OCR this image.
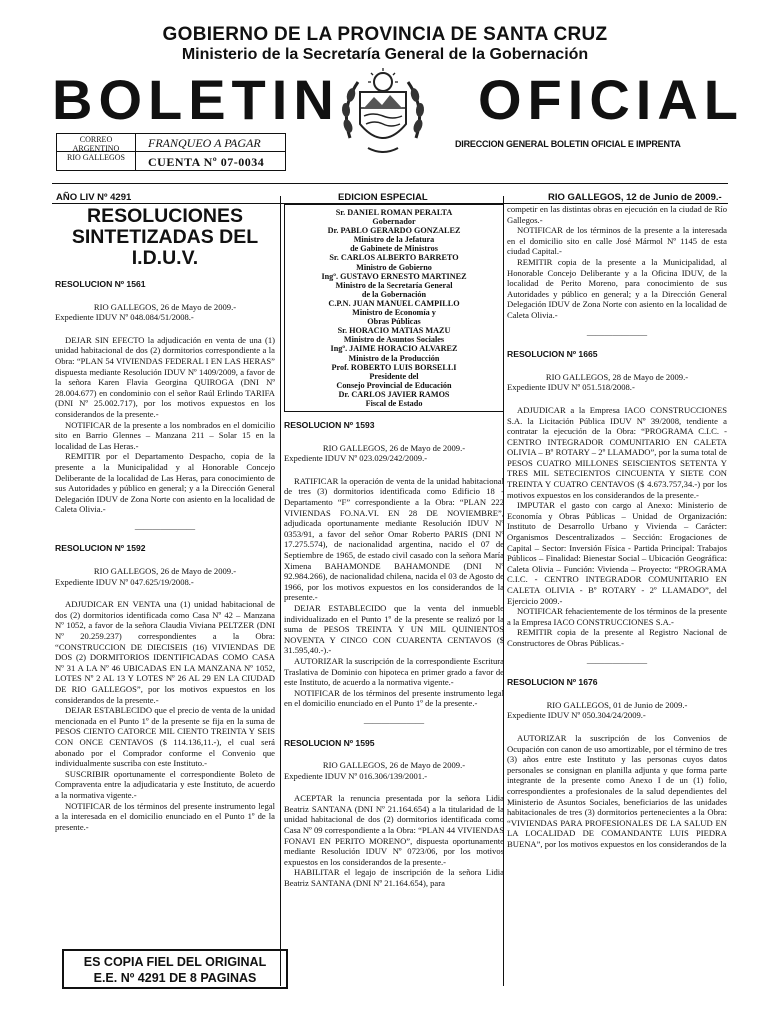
GOBIERNO DE LA PROVINCIA DE SANTA CRUZ
Ministerio de la Secretaría General de la Gobernación
BOLETIN OFICIAL
CORREO ARGENTINO
RIO GALLEGOS
FRANQUEO A PAGAR
CUENTA Nº 07-0034
DIRECCION GENERAL BOLETIN OFICIAL E IMPRENTA
AÑO LIV Nº 4291	EDICION ESPECIAL	RIO GALLEGOS, 12 de Junio de 2009.-
RESOLUCIONES SINTETIZADAS DEL I.D.U.V.

RESOLUCION Nº 1561

RIO GALLEGOS, 26 de Mayo de 2009.-

Expediente IDUV Nº 048.084/51/2008.-

DEJAR SIN EFECTO la adjudicación en venta de una (1) unidad habitacional de dos (2) dormitorios correspondiente a la Obra: “PLAN 54 VIVIENDAS FEDERAL I EN LAS HERAS” dispuesta mediante Resolución IDUV Nº 1409/2009, a favor de la señora Karen Flavia Georgina QUIROGA (DNI Nº 28.004.677) en condominio con el señor Raúl Erlindo TARIFA (DNI Nº 25.002.717), por los motivos expuestos en los considerandos de la presente.-

NOTIFICAR de la presente a los nombrados en el domicilio sito en Barrio Glennes – Manzana 211 – Solar 15 en la localidad de Las Heras.-

REMITIR por el Departamento Despacho, copia de la presente a la Municipalidad y al Honorable Concejo Deliberante de la localidad de Las Heras, para conocimiento de sus Autoridades y público en general; y a la Dirección General Delegación IDUV de Zona Norte con asiento en la localidad de Caleta Olivia.-

———————

RESOLUCION Nº 1592

RIO GALLEGOS, 26 de Mayo de 2009.-

Expediente IDUV Nº 047.625/19/2008.-

ADJUDICAR EN VENTA una (1) unidad habitacional de dos (2) dormitorios identificada como Casa Nº 42 – Manzana Nº 1052, a favor de la señora Claudia Viviana PELTZER (DNI Nº 20.259.237) correspondientes a la Obra: “CONSTRUCCION DE DIECISEIS (16) VIVIENDAS DE DOS (2) DORMITORIOS IDENTIFICADAS COMO CASA Nº 31 A LA Nº 46 UBICADAS EN LA MANZANA Nº 1052, LOTES Nº 2 AL 13 Y LOTES Nº 26 AL 29 EN LA CIUDAD DE RIO GALLEGOS”, por los motivos expuestos en los considerandos de la presente.-

DEJAR ESTABLECIDO que el precio de venta de la unidad mencionada en el Punto 1º de la presente se fija en la suma de PESOS CIENTO CATORCE MIL CIENTO TREINTA Y SEIS CON ONCE CENTAVOS ($ 114.136,11.-), el cual será abonado por el Comprador conforme el Convenio que individualmente suscriba con este Instituto.-

SUSCRIBIR oportunamente el correspondiente Boleto de Compraventa entre la adjudicataria y este Instituto, de acuerdo a la normativa vigente.-

NOTIFICAR de los términos del presente instrumento legal a la interesada en el domicilio enunciado en el Punto 1º de la presente.-

ES COPIA FIEL DEL ORIGINAL
E.E. Nº 4291 DE 8 PAGINAS
Sr. DANIEL ROMAN PERALTA
Gobernador
Dr. PABLO GERARDO GONZALEZ
Ministro de la Jefatura
de Gabinete de Ministros
Sr. CARLOS ALBERTO BARRETO
Ministro de Gobierno
Ingº. GUSTAVO ERNESTO MARTINEZ
Ministro de la Secretaría General
de la Gobernación
C.P.N. JUAN MANUEL CAMPILLO
Ministro de Economía y
Obras Públicas
Sr. HORACIO MATIAS MAZU
Ministro de Asuntos Sociales
Ingº. JAIME HORACIO ALVAREZ
Ministro de la Producción
Prof. ROBERTO LUIS BORSELLI
Presidente del
Consejo Provincial de Educación
Dr. CARLOS JAVIER RAMOS
Fiscal de Estado

RESOLUCION Nº 1593

RIO GALLEGOS, 26 de Mayo de 2009.-

Expediente IDUV Nº 023.029/242/2009.-

RATIFICAR la operación de venta de la unidad habitacional de tres (3) dormitorios identificada como Edificio 18 - Departamento “F” correspondiente a la Obra: “PLAN 222 VIVIENDAS FO.NA.VI. EN 28 DE NOVIEMBRE”, adjudicada oportunamente mediante Resolución IDUV Nº 0353/91, a favor del señor Omar Roberto PARIS (DNI Nº 17.275.574), de nacionalidad argentina, nacido el 07 de Septiembre de 1965, de estado civil casado con la señora María Ximena BAHAMONDE BAHAMONDE (DNI Nº 92.984.266), de nacionalidad chilena, nacida el 03 de Agosto de 1966, por los motivos expuestos en los considerandos de la presente.-

DEJAR ESTABLECIDO que la venta del inmueble individualizado en el Punto 1º de la presente se realizó por la suma de PESOS TREINTA Y UN MIL QUINIENTOS NOVENTA Y CINCO CON CUARENTA CENTAVOS ($ 31.595,40.-).-

AUTORIZAR la suscripción de la correspondiente Escritura Traslativa de Dominio con hipoteca en primer grado a favor de este Instituto, de acuerdo a la normativa vigente.-

NOTIFICAR de los términos del presente instrumento legal en el domicilio enunciado en el Punto 1º de la presente.-

———————

RESOLUCION Nº 1595

RIO GALLEGOS, 26 de Mayo de 2009.-

Expediente IDUV Nº 016.306/139/2001.-

ACEPTAR la renuncia presentada por la señora Lidia Beatriz SANTANA (DNI Nº 21.164.654) a la titularidad de la unidad habitacional de dos (2) dormitorios identificada como Casa Nº 09 correspondiente a la Obra: “PLAN 44 VIVIENDAS FONAVI EN PERITO MORENO”, dispuesta oportunamente mediante Resolución IDUV Nº 0723/06, por los motivos expuestos en los considerandos de la presente.-

HABILITAR el legajo de inscripción de la señora Lidia Beatriz SANTANA (DNI Nº 21.164.654), para

competir en las distintas obras en ejecución en la ciudad de Río Gallegos.-

NOTIFICAR de los términos de la presente a la interesada en el domicilio sito en calle José Mármol Nº 1145 de esta ciudad Capital.-

REMITIR copia de la presente a la Municipalidad, al Honorable Concejo Deliberante y a la Oficina IDUV, de la localidad de Perito Moreno, para conocimiento de sus Autoridades y público en general; y a la Dirección General Delegación IDUV de Zona Norte con asiento en la localidad de Caleta Olivia.-

———————

RESOLUCION Nº 1665

RIO GALLEGOS, 28 de Mayo de 2009.-

Expediente IDUV Nº 051.518/2008.-

ADJUDICAR a la Empresa IACO CONSTRUCCIONES S.A. la Licitación Pública IDUV Nº 39/2008, tendiente a contratar la ejecución de la Obra: “PROGRAMA C.I.C. - CENTRO INTEGRADOR COMUNITARIO EN CALETA OLIVIA – Bº ROTARY – 2º LLAMADO”, por la suma total de PESOS CUATRO MILLONES SEISCIENTOS SETENTA Y TRES MIL SETECIENTOS CINCUENTA Y SIETE CON TREINTA Y CUATRO CENTAVOS ($ 4.673.757,34.-) por los motivos expuestos en los considerandos de la presente.-

IMPUTAR el gasto con cargo al Anexo: Ministerio de Economía y Obras Públicas – Unidad de Organización: Instituto de Desarrollo Urbano y Vivienda – Carácter: Organismos Descentralizados – Sección: Erogaciones de Capital – Sector: Inversión Física - Partida Principal: Trabajos Públicos – Finalidad: Bienestar Social – Ubicación Geográfica: Caleta Olivia – Función: Vivienda – Proyecto: “PROGRAMA C.I.C. - CENTRO INTEGRADOR COMUNITARIO EN CALETA OLIVIA - Bº ROTARY - 2º LLAMADO”, del Ejercicio 2009.-

NOTIFICAR fehacientemente de los términos de la presente a la Empresa IACO CONSTRUCCIONES S.A.-

REMITIR copia de la presente al Registro Nacional de Constructores de Obras Públicas.-

———————

RESOLUCION Nº 1676

RIO GALLEGOS, 01 de Junio de 2009.-

Expediente IDUV Nº 050.304/24/2009.-

AUTORIZAR la suscripción de los Convenios de Ocupación con canon de uso amortizable, por el término de tres (3) años entre este Instituto y las personas cuyos datos personales se consignan en planilla adjunta y que forma parte integrante de la presente como Anexo I de un (1) folio, correspondientes a profesionales de la salud dependientes del Ministerio de Asuntos Sociales, beneficiarios de las unidades habitacionales de tres (3) dormitorios pertenecientes a la Obra: “VIVIENDAS PARA PROFESIONALES DE LA SALUD EN LA LOCALIDAD DE COMANDANTE LUIS PIEDRA BUENA”, por los motivos expuestos en los considerandos de la
